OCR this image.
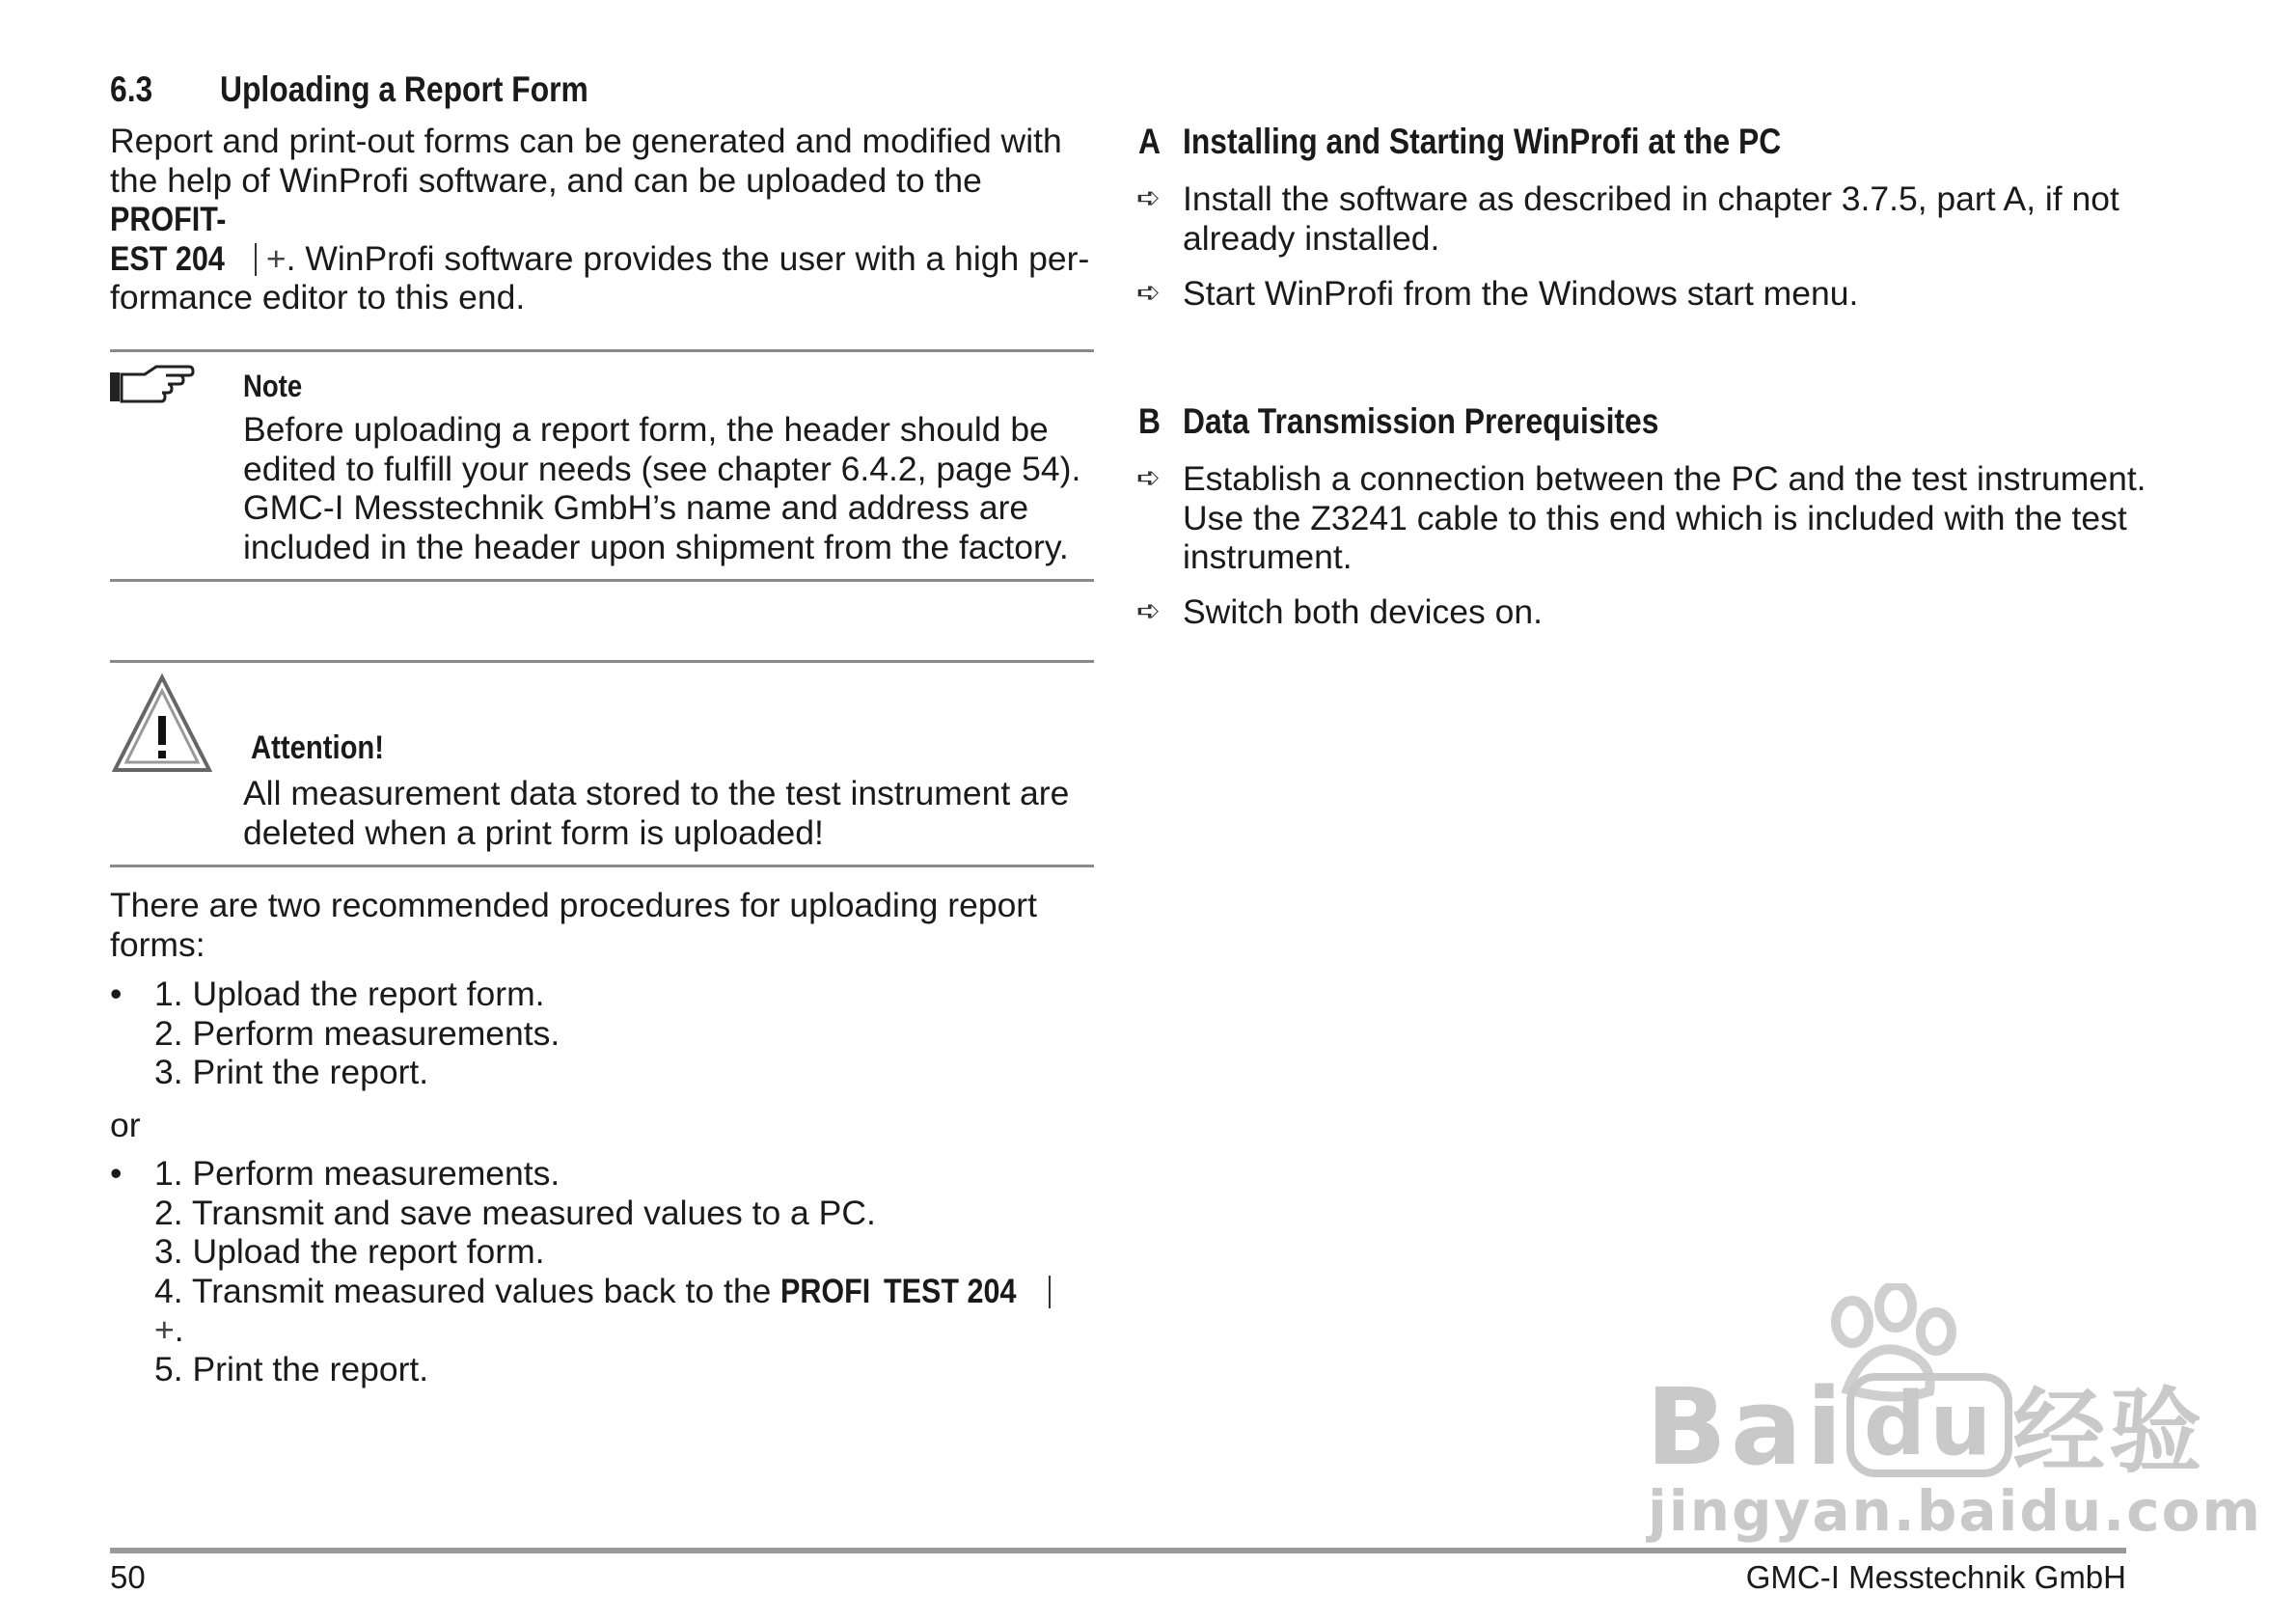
6.3 Uploading a Report Form
Report and print-out forms can be generated and modified with the help of WinProfi software, and can be uploaded to the PROFIT-
EST 204 +. WinProfi software provides the user with a high per-formance editor to this end.
Note
Before uploading a report form, the header should be edited to fulfill your needs (see chapter 6.4.2, page 54). GMC-I Messtechnik GmbH’s name and address are included in the header upon shipment from the factory.
Attention!
All measurement data stored to the test instrument are deleted when a print form is uploaded!
There are two recommended procedures for uploading report forms:
• 1. Upload the report form.
2. Perform measurements.
3. Print the report.
or
• 1. Perform measurements.
2. Transmit and save measured values to a PC.
3. Upload the report form.
4. Transmit measured values back to the PROFI TEST 204  +.
5. Print the report.
A Installing and Starting WinProfi at the PC
➪ Install the software as described in chapter 3.7.5, part A, if not already installed.
➪ Start WinProfi from the Windows start menu.
B Data Transmission Prerequisites
➪ Establish a connection between the PC and the test instrument. Use the Z3241 cable to this end which is included with the test instrument.
➪ Switch both devices on.
Bai du 经验
jingyan.baidu.com
50	GMC-I Messtechnik GmbH
